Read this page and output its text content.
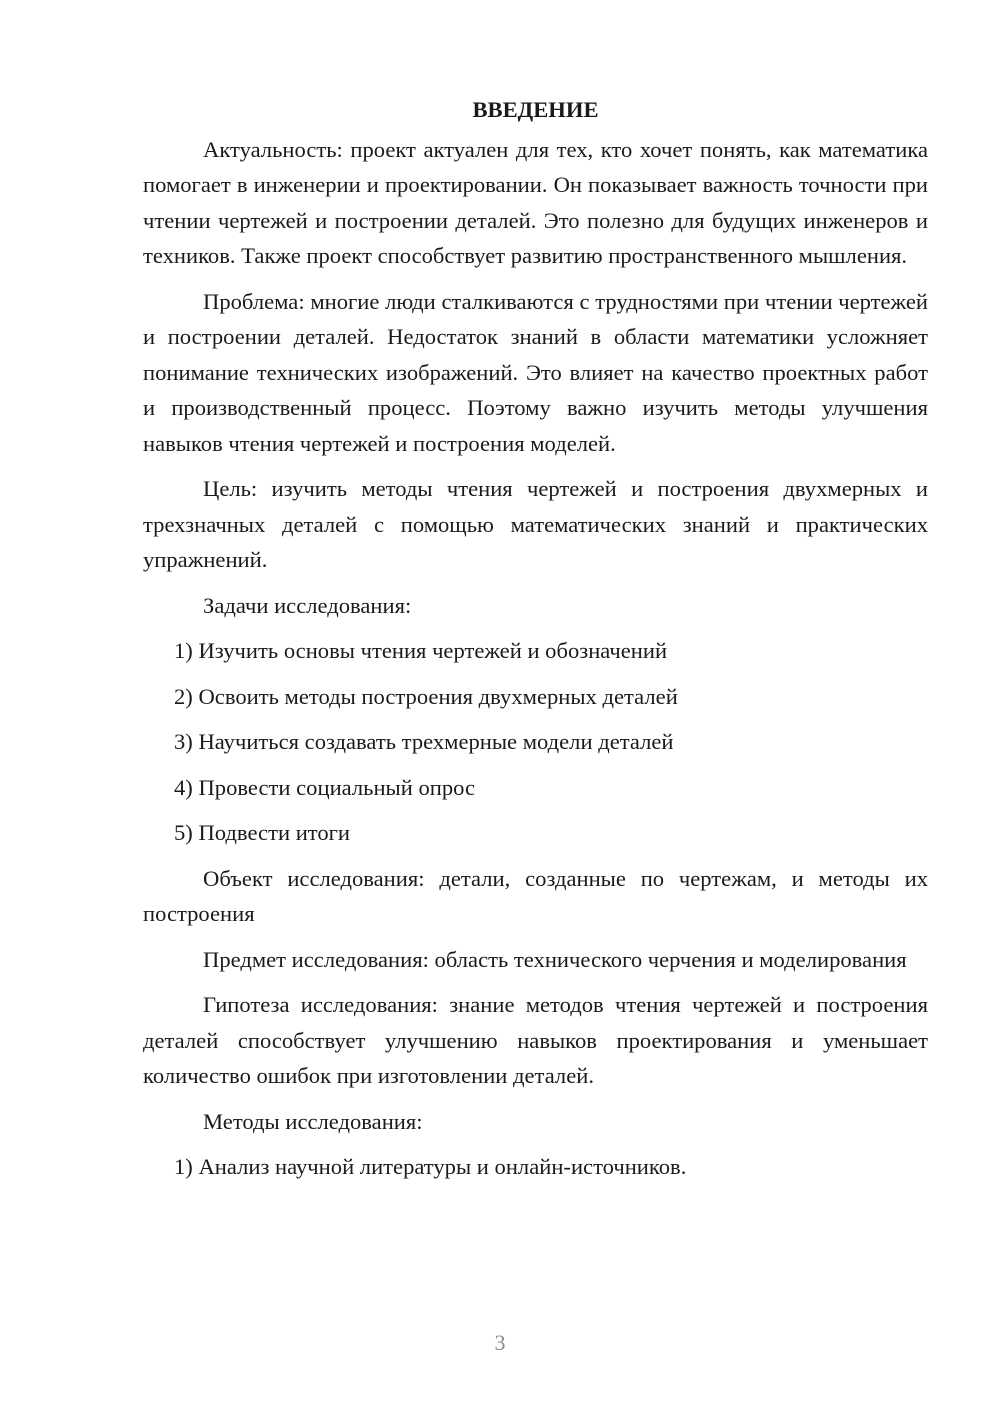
ВВЕДЕНИЕ
Актуальность: проект актуален для тех, кто хочет понять, как математика помогает в инженерии и проектировании. Он показывает важность точности при чтении чертежей и построении деталей. Это полезно для будущих инженеров и техников. Также проект способствует развитию пространственного мышления.
Проблема: многие люди сталкиваются с трудностями при чтении чертежей и построении деталей. Недостаток знаний в области математики усложняет понимание технических изображений. Это влияет на качество проектных работ и производственный процесс. Поэтому важно изучить методы улучшения навыков чтения чертежей и построения моделей.
Цель: изучить методы чтения чертежей и построения двухмерных и трехзначных деталей с помощью математических знаний и практических упражнений.
Задачи исследования:
1) Изучить основы чтения чертежей и обозначений
2) Освоить методы построения двухмерных деталей
3) Научиться создавать трехмерные модели деталей
4) Провести социальный опрос
5) Подвести итоги
Объект исследования: детали, созданные по чертежам, и методы их построения
Предмет исследования: область технического черчения и моделирования
Гипотеза исследования: знание методов чтения чертежей и построения деталей способствует улучшению навыков проектирования и уменьшает количество ошибок при изготовлении деталей.
Методы исследования:
1) Анализ научной литературы и онлайн-источников.
3
